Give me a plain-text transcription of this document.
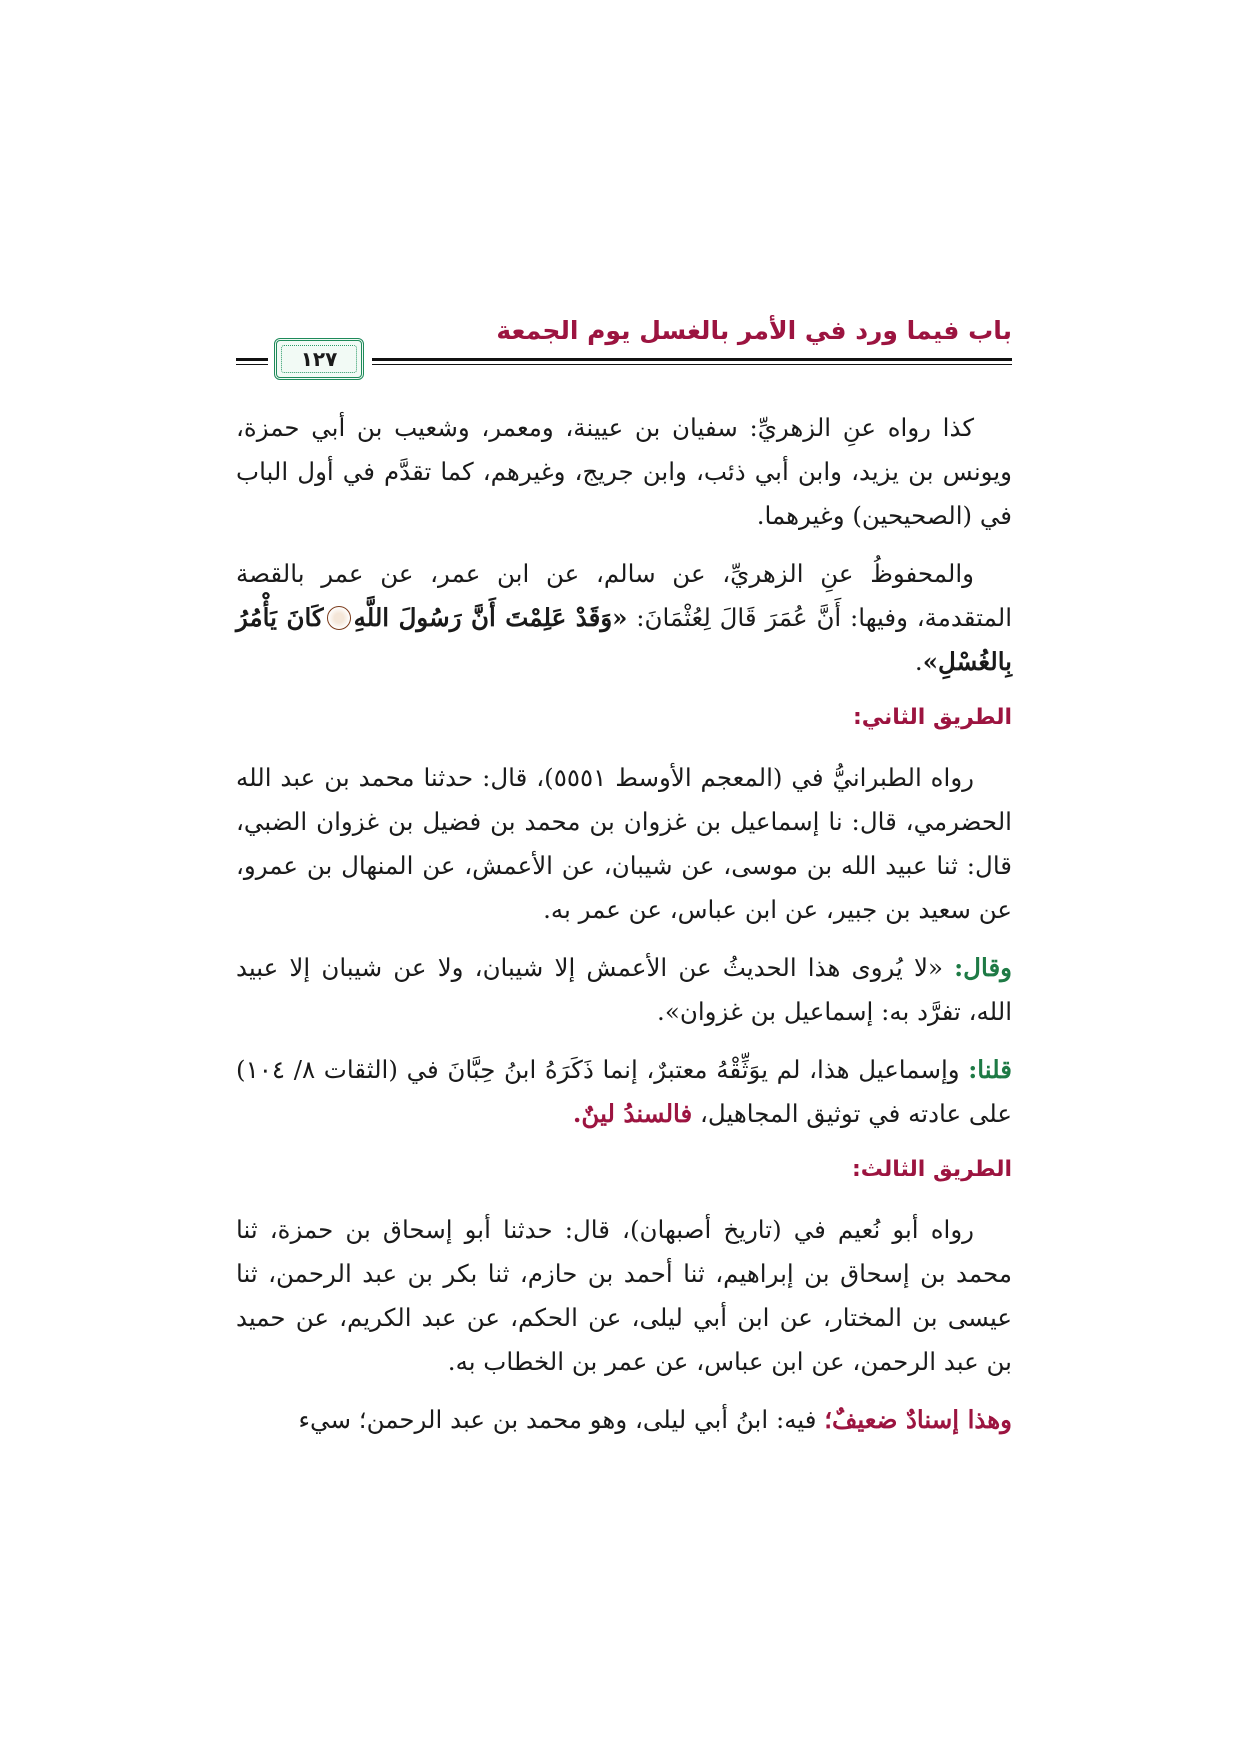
باب فيما ورد في الأمر بالغسل يوم الجمعة
١٢٧

كذا رواه عنِ الزهريِّ: سفيان بن عيينة، ومعمر، وشعيب بن أبي حمزة، ويونس بن يزيد، وابن أبي ذئب، وابن جريج، وغيرهم، كما تقدَّم في أول الباب في (الصحيحين) وغيرهما.

والمحفوظُ عنِ الزهريِّ، عن سالم، عن ابن عمر، عن عمر بالقصة المتقدمة، وفيها: أَنَّ عُمَرَ قَالَ لِعُثْمَانَ: «وَقَدْ عَلِمْتَ أَنَّ رَسُولَ اللَّهِكَانَ يَأْمُرُ بِالغُسْلِ».

الطريق الثاني:

رواه الطبرانيُّ في (المعجم الأوسط ٥٥٥١)، قال: حدثنا محمد بن عبد الله الحضرمي، قال: نا إسماعيل بن غزوان بن محمد بن فضيل بن غزوان الضبي، قال: ثنا عبيد الله بن موسى، عن شيبان، عن الأعمش، عن المنهال بن عمرو، عن سعيد بن جبير، عن ابن عباس، عن عمر به.

وقال: «لا يُروى هذا الحديثُ عن الأعمش إلا شيبان، ولا عن شيبان إلا عبيد الله، تفرَّد به: إسماعيل بن غزوان».

قلنا: وإسماعيل هذا، لم يوَثِّقْهُ معتبرٌ، إنما ذَكَرَهُ ابنُ حِبَّانَ في (الثقات ٨/ ١٠٤) على عادته في توثيق المجاهيل، فالسندُ لينٌ.

الطريق الثالث:

رواه أبو نُعيم في (تاريخ أصبهان)، قال: حدثنا أبو إسحاق بن حمزة، ثنا محمد بن إسحاق بن إبراهيم، ثنا أحمد بن حازم، ثنا بكر بن عبد الرحمن، ثنا عيسى بن المختار، عن ابن أبي ليلى، عن الحكم، عن عبد الكريم، عن حميد بن عبد الرحمن، عن ابن عباس، عن عمر بن الخطاب به.

وهذا إسنادٌ ضعيفٌ؛ فيه: ابنُ أبي ليلى، وهو محمد بن عبد الرحمن؛ سيء
